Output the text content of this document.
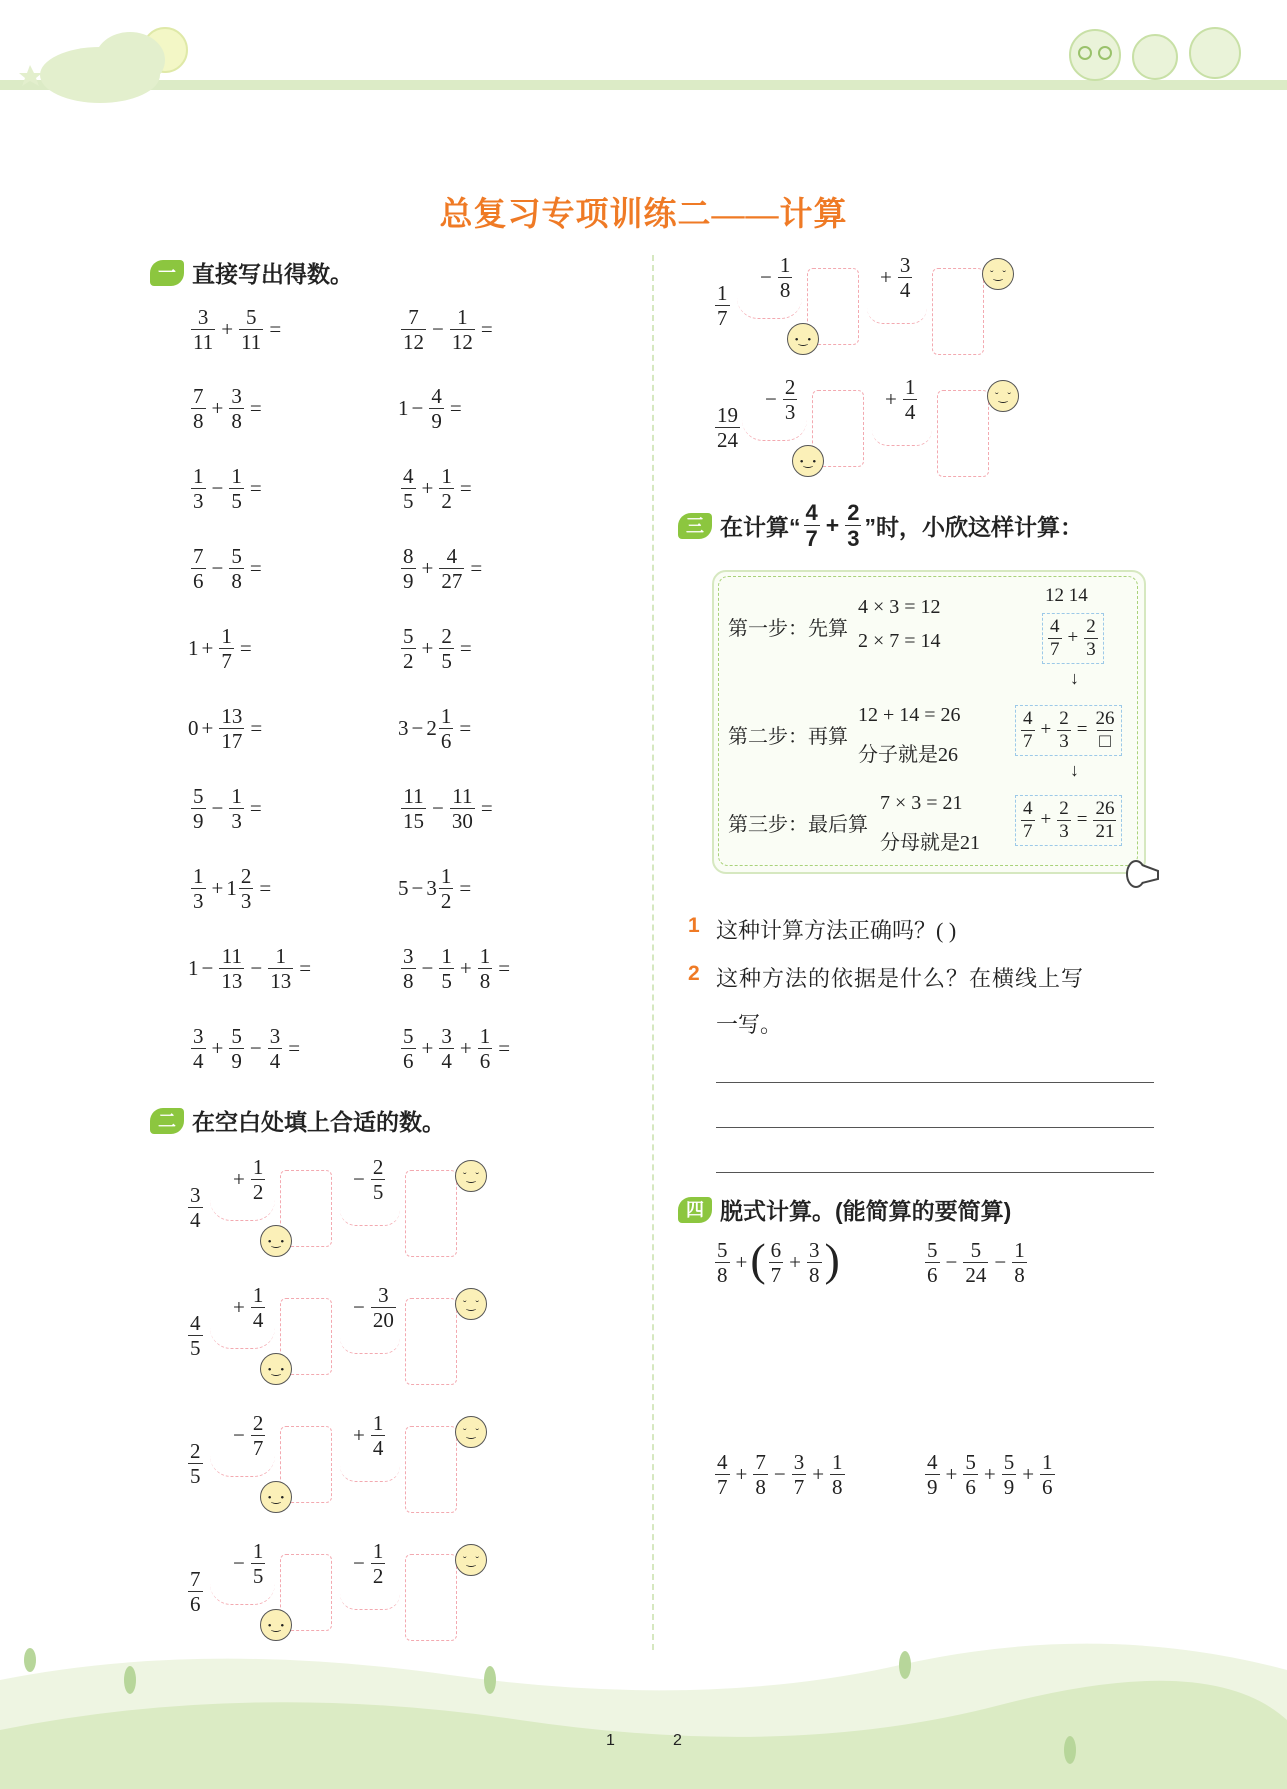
总复习专项训练二——计算
一 直接写出得数。
$\frac{3}{11} + \frac{5}{11}$ =	$\frac{7}{12} - \frac{1}{12}$ =
$\frac{7}{8} + \frac{3}{8}$ =	$1 - \frac{4}{9}$ =
$\frac{1}{3} - \frac{1}{5}$ =	$\frac{4}{5} + \frac{1}{2}$ =
$\frac{7}{6} - \frac{5}{8}$ =	$\frac{8}{9} + \frac{4}{27}$ =
$1 + \frac{1}{7}$ =	$\frac{5}{2} + \frac{2}{5}$ =
$0 + \frac{13}{17}$ =	$3 - 2 \frac{1}{6}$ =
$\frac{5}{9} - \frac{1}{3}$ =	$\frac{11}{15} - \frac{11}{30}$ =
$\frac{1}{3} + 1 \frac{2}{3}$ =	$5 - 3 \frac{1}{2}$ =
$1 - \frac{11}{13} - \frac{1}{13}$ =	$\frac{3}{8} - \frac{1}{5} + \frac{1}{8}$ =
$\frac{3}{4} + \frac{5}{9} - \frac{3}{4}$ =	$\frac{5}{6} + \frac{3}{4} + \frac{1}{6}$ =
二 在空白处填上合适的数。
$\frac{3}{4}$
+ $\frac{1}{2}$	− $\frac{2}{5}$
•‿•
ˇ‿ˇ
$\frac{4}{5}$
+ $\frac{1}{4}$	− $\frac{3}{20}$
•‿•
ˇ‿ˇ
$\frac{2}{5}$
− $\frac{2}{7}$	+ $\frac{1}{4}$
•‿•
ˇ‿ˇ
$\frac{7}{6}$
− $\frac{1}{5}$	− $\frac{1}{2}$
•‿•
ˇ‿ˇ
$\frac{1}{7}$
− $\frac{1}{8}$	+ $\frac{3}{4}$
•‿•
ˇ‿ˇ
$\frac{19}{24}$
− $\frac{2}{3}$	+ $\frac{1}{4}$
•‿•
ˇ‿ˇ
三 在计算“ $\frac{4}{7} + \frac{2}{3}$ ”时，小欣这样计算：
第一步：先算
4 × 3 = 12
2 × 7 = 14
12 14
$\frac{4}{7} + \frac{2}{3}$
↓
第二步：再算
12 + 14 = 26
分子就是26
$\frac{4}{7} + \frac{2}{3} = \frac{26}{□}$
↓
第三步：最后算
7 × 3 = 21
分母就是21
$\frac{4}{7} + \frac{2}{3} = \frac{26}{21}$
1 这种计算方法正确吗？( )
2 这种方法的依据是什么？在横线上写
一写。
四 脱式计算。(能简算的要简算)
$\frac{5}{8}$ + ( $\frac{6}{7} + \frac{3}{8}$ )	$\frac{5}{6} - \frac{5}{24} - \frac{1}{8}$
$\frac{4}{7} + \frac{7}{8} - \frac{3}{7} + \frac{1}{8}$	$\frac{4}{9} + \frac{5}{6} + \frac{5}{9} + \frac{1}{6}$
1	2
